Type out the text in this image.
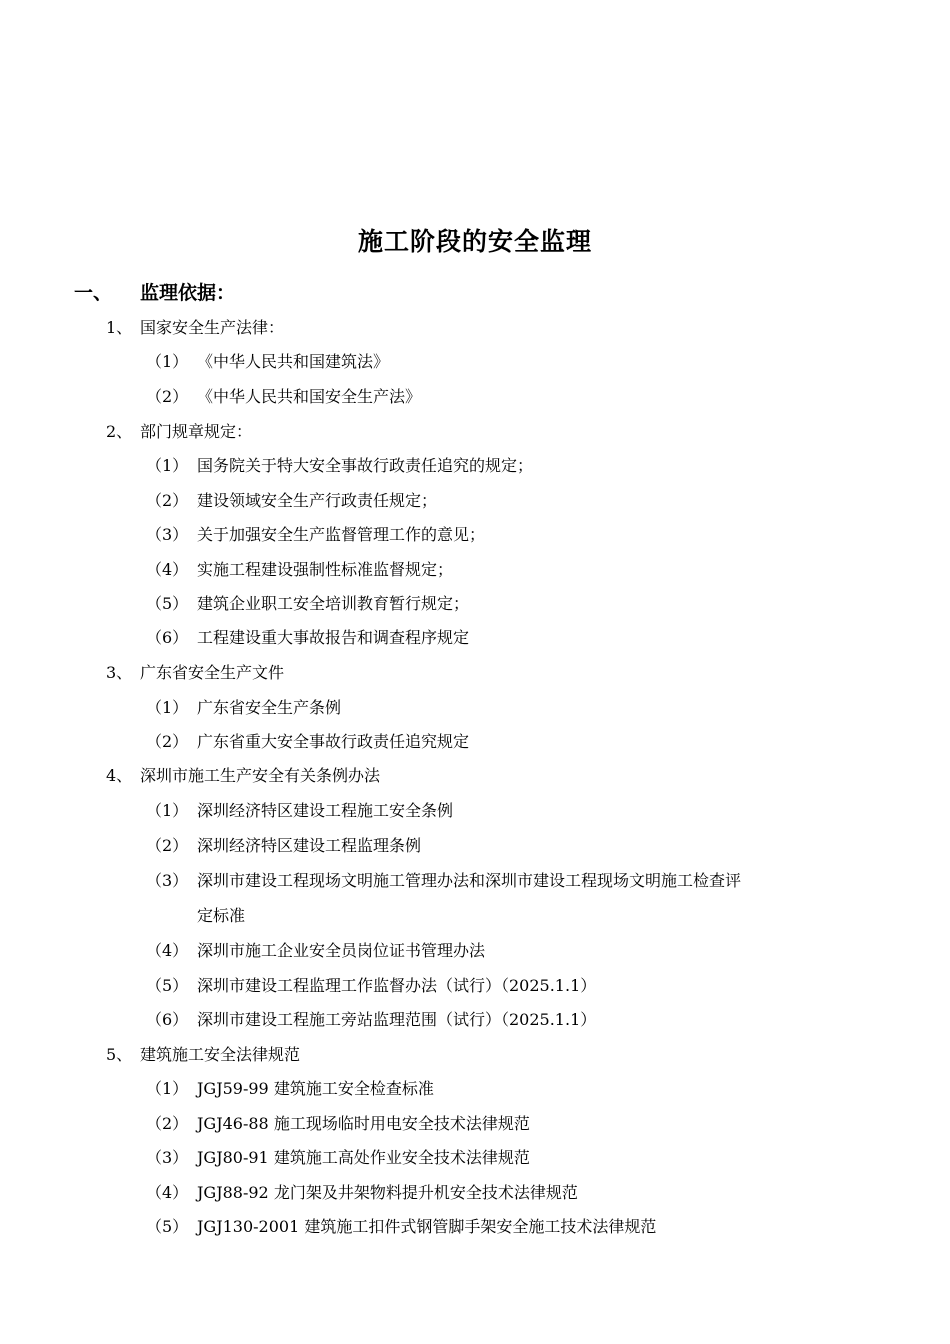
施工阶段的安全监理
一、 监理依据：
1、 国家安全生产法律：
（1） 《中华人民共和国建筑法》
（2） 《中华人民共和国安全生产法》
2、 部门规章规定：
（1） 国务院关于特大安全事故行政责任追究的规定；
（2） 建设领域安全生产行政责任规定；
（3） 关于加强安全生产监督管理工作的意见；
（4） 实施工程建设强制性标准监督规定；
（5） 建筑企业职工安全培训教育暂行规定；
（6） 工程建设重大事故报告和调查程序规定
3、 广东省安全生产文件
（1） 广东省安全生产条例
（2） 广东省重大安全事故行政责任追究规定
4、 深圳市施工生产安全有关条例办法
（1） 深圳经济特区建设工程施工安全条例
（2） 深圳经济特区建设工程监理条例
（3） 深圳市建设工程现场文明施工管理办法和深圳市建设工程现场文明施工检查评
定标准
（4） 深圳市施工企业安全员岗位证书管理办法
（5） 深圳市建设工程监理工作监督办法（试行）（2025.1.1）
（6） 深圳市建设工程施工旁站监理范围（试行）（2025.1.1）
5、 建筑施工安全法律规范
（1） JGJ59-99 建筑施工安全检查标准
（2） JGJ46-88 施工现场临时用电安全技术法律规范
（3） JGJ80-91 建筑施工高处作业安全技术法律规范
（4） JGJ88-92 龙门架及井架物料提升机安全技术法律规范
（5） JGJ130-2001 建筑施工扣件式钢管脚手架安全施工技术法律规范
